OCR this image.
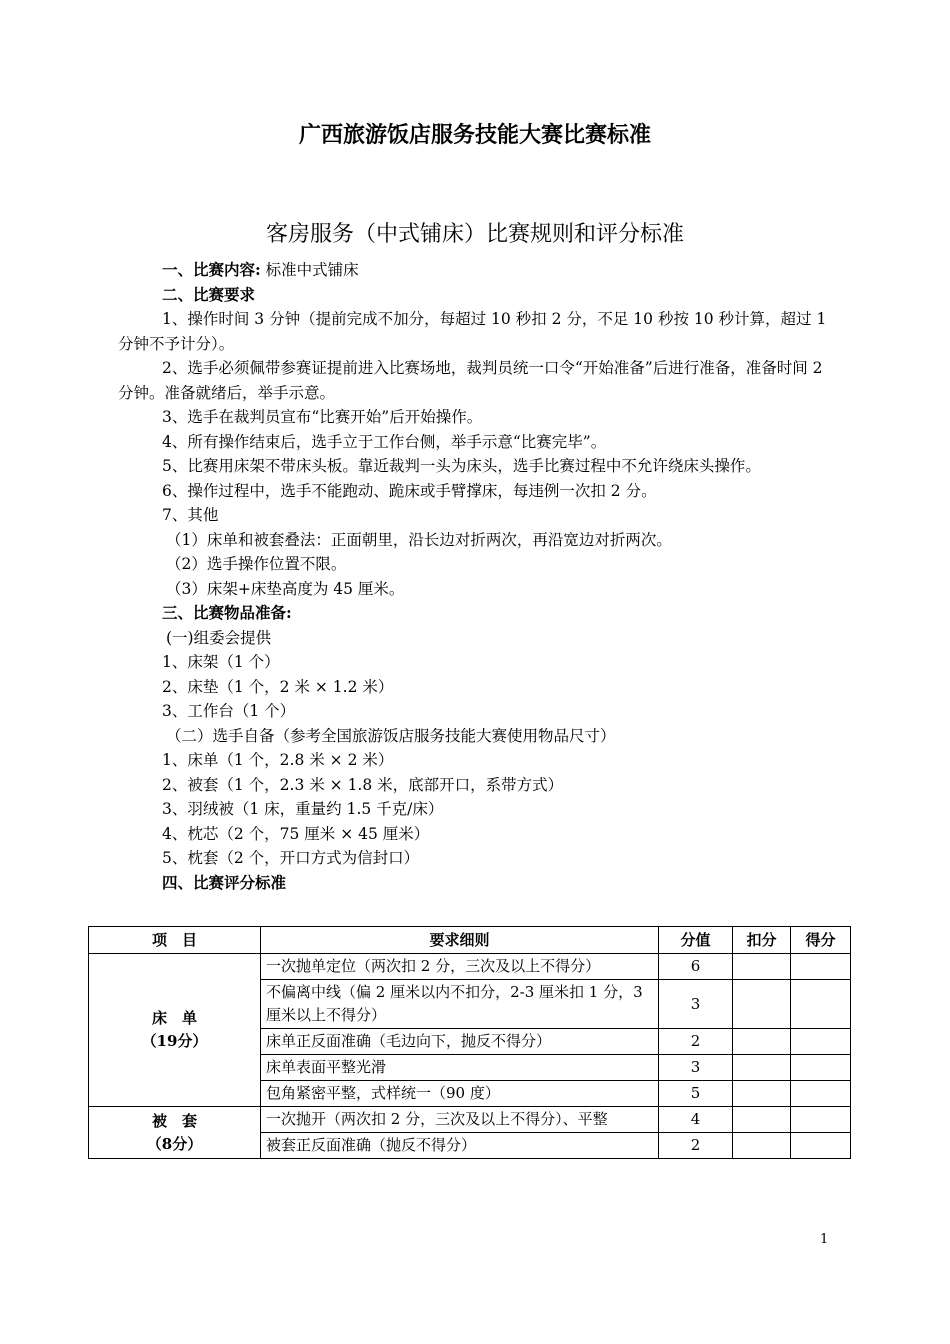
广西旅游饭店服务技能大赛比赛标准
客房服务（中式铺床）比赛规则和评分标准

一、比赛内容: 标准中式铺床

二、比赛要求

1、操作时间 3 分钟（提前完成不加分，每超过 10 秒扣 2 分，不足 10 秒按 10 秒计算，超过 1 分钟不予计分）。

2、选手必须佩带参赛证提前进入比赛场地，裁判员统一口令“开始准备”后进行准备，准备时间 2 分钟。准备就绪后，举手示意。

3、选手在裁判员宣布“比赛开始”后开始操作。

4、所有操作结束后，选手立于工作台侧，举手示意“比赛完毕”。

5、比赛用床架不带床头板。靠近裁判一头为床头，选手比赛过程中不允许绕床头操作。

6、操作过程中，选手不能跑动、跪床或手臂撑床，每违例一次扣 2 分。

7、其他

（1）床单和被套叠法：正面朝里，沿长边对折两次，再沿宽边对折两次。

（2）选手操作位置不限。

（3）床架+床垫高度为 45 厘米。

三、比赛物品准备:

(一)组委会提供

1、床架（1 个）

2、床垫（1 个，2 米 × 1.2 米）

3、工作台（1 个）

（二）选手自备（参考全国旅游饭店服务技能大赛使用物品尺寸）

1、床单（1 个，2.8 米 × 2 米）

2、被套（1 个，2.3 米 × 1.8 米，底部开口，系带方式）

3、羽绒被（1 床，重量约 1.5 千克/床）

4、枕芯（2 个，75 厘米 × 45 厘米）

5、枕套（2 个，开口方式为信封口）

四、比赛评分标准

项　目	要求细则	分值	扣分	得分

床　单
（19分）	一次抛单定位（两次扣 2 分，三次及以上不得分）	6		
	不偏离中线（偏 2 厘米以内不扣分，2-3 厘米扣 1 分，3 厘米以上不得分）	3		
	床单正反面准确（毛边向下，抛反不得分）	2		
	床单表面平整光滑	3		
	包角紧密平整，式样统一（90 度）	5		

被　套
（8分）	一次抛开（两次扣 2 分，三次及以上不得分）、平整	4		
	被套正反面准确（抛反不得分）	2		
1
